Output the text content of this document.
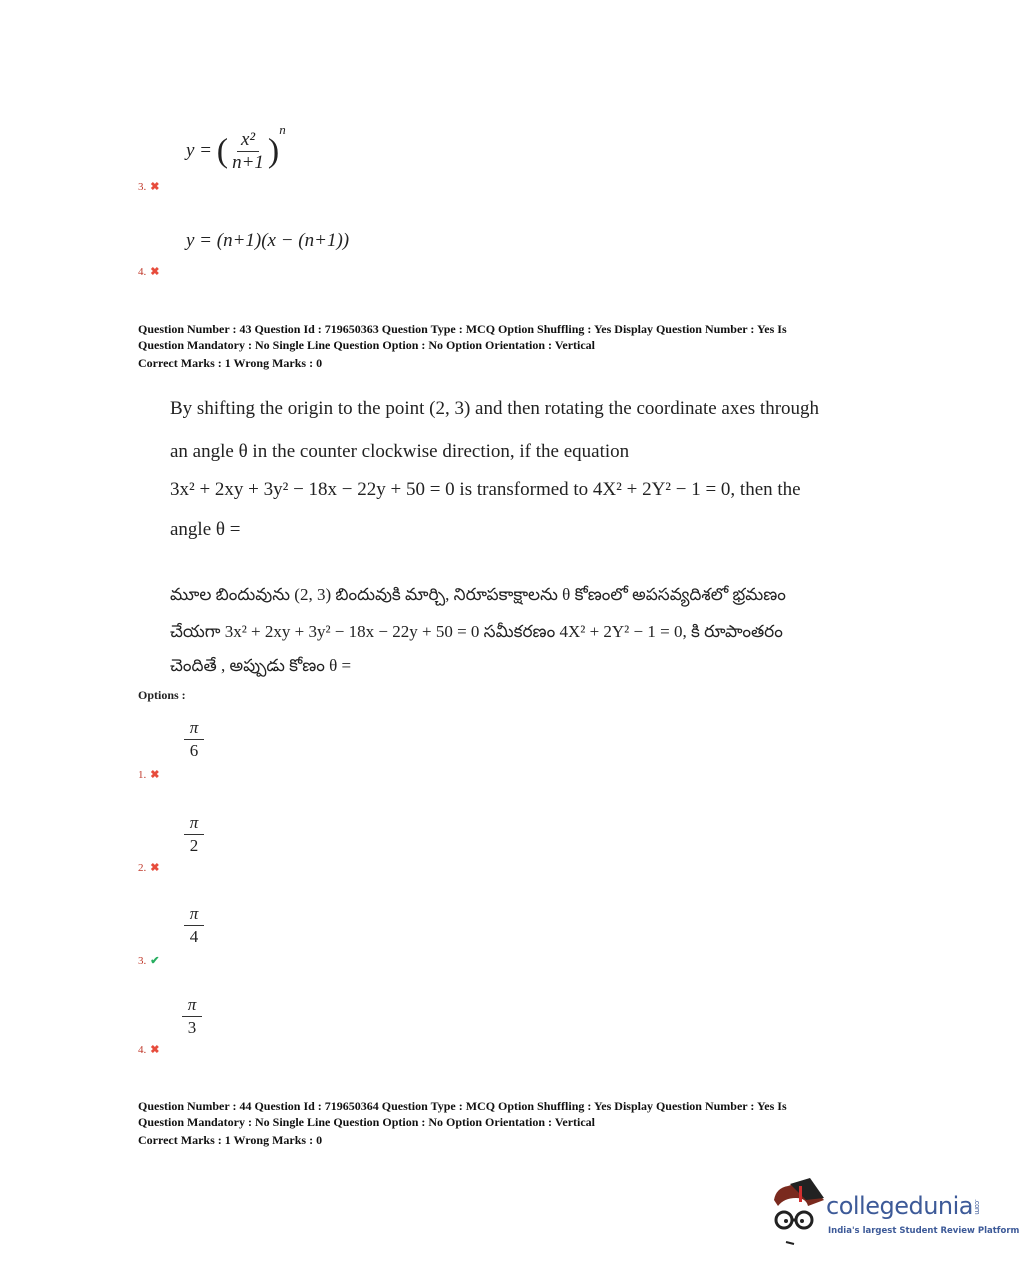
y = ( $\frac{\text{x²}}{n+1} )^n$
3. ✖
y = (n+1)(x − (n+1))
4. ✖
Question Number : 43 Question Id : 719650363 Question Type : MCQ Option Shuffling : Yes Display Question Number : Yes Is
Question Mandatory : No Single Line Question Option : No Option Orientation : Vertical
Correct Marks : 1 Wrong Marks : 0
By shifting the origin to the point (2, 3) and then rotating the coordinate axes through
an angle θ in the counter clockwise direction, if the equation
3x² + 2xy + 3y² − 18x − 22y + 50 = 0 is transformed to 4X² + 2Y² − 1 = 0, then the
angle θ =
మూల బిందువును (2, 3) బిందువుకి మార్చి, నిరూపకాక్షాలను θ కోణంలో అపసవ్యదిశలో భ్రమణం
చేయగా 3x² + 2xy + 3y² − 18x − 22y + 50 = 0 సమీకరణం 4X² + 2Y² − 1 = 0, కి రూపాంతరం
చెందితే , అప్పుడు కోణం θ =
Options :
$\frac{\pi}{6}$
1. ✖
$\frac{\pi}{2}$
2. ✖
$\frac{\pi}{4}$
3. ✔
$\frac{\pi}{3}$
4. ✖
Question Number : 44 Question Id : 719650364 Question Type : MCQ Option Shuffling : Yes Display Question Number : Yes Is
Question Mandatory : No Single Line Question Option : No Option Orientation : Vertical
Correct Marks : 1 Wrong Marks : 0
collegedunia.com
India's largest Student Review Platform
